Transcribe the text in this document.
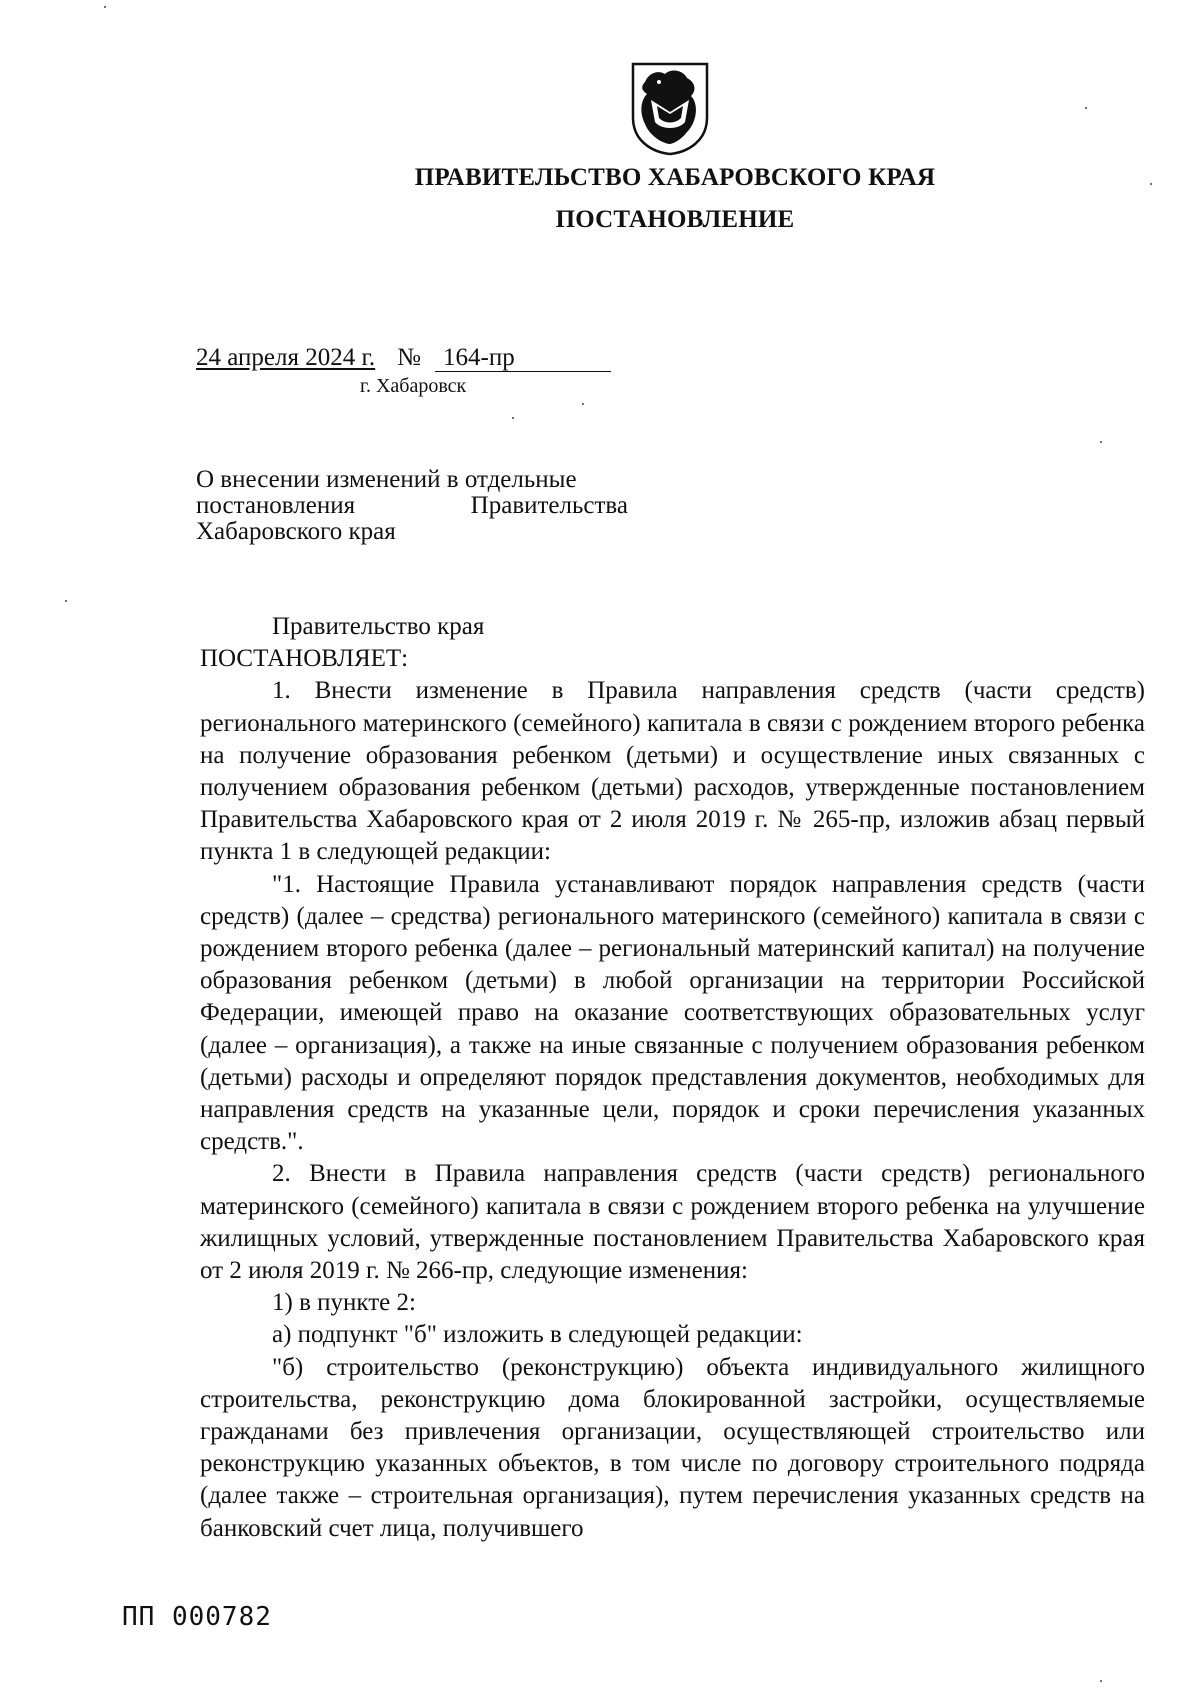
ПРАВИТЕЛЬСТВО ХАБАРОВСКОГО КРАЯ
ПОСТАНОВЛЕНИЕ
24 апреля 2024 г. № 164-пр
г. Хабаровск
О внесении изменений в отдельные
постановления	Правительства
Хабаровского края

Правительство края

ПОСТАНОВЛЯЕТ:

1. Внести изменение в Правила направления средств (части средств) регионального материнского (семейного) капитала в связи с рождением второго ребенка на получение образования ребенком (детьми) и осуществление иных связанных с получением образования ребенком (детьми) расходов, утвержденные постановлением Правительства Хабаровского края от 2 июля 2019 г. № 265-пр, изложив абзац первый пункта 1 в следующей редакции:

"1. Настоящие Правила устанавливают порядок направления средств (части средств) (далее – средства) регионального материнского (семейного) капитала в связи с рождением второго ребенка (далее – региональный материнский капитал) на получение образования ребенком (детьми) в любой организации на территории Российской Федерации, имеющей право на оказание соответствующих образовательных услуг (далее – организация), а также на иные связанные с получением образования ребенком (детьми) расходы и определяют порядок представления документов, необходимых для направления средств на указанные цели, порядок и сроки перечисления указанных средств.".

2. Внести в Правила направления средств (части средств) регионального материнского (семейного) капитала в связи с рождением второго ребенка на улучшение жилищных условий, утвержденные постановлением Правительства Хабаровского края от 2 июля 2019 г. № 266-пр, следующие изменения:

1) в пункте 2:

а) подпункт "б" изложить в следующей редакции:

"б) строительство (реконструкцию) объекта индивидуального жилищного строительства, реконструкцию дома блокированной застройки, осуществляемые гражданами без привлечения организации, осуществляющей строительство или реконструкцию указанных объектов, в том числе по договору строительного подряда (далее также – строительная организация), путем перечисления указанных средств на банковский счет лица, получившего

ПП 000782
